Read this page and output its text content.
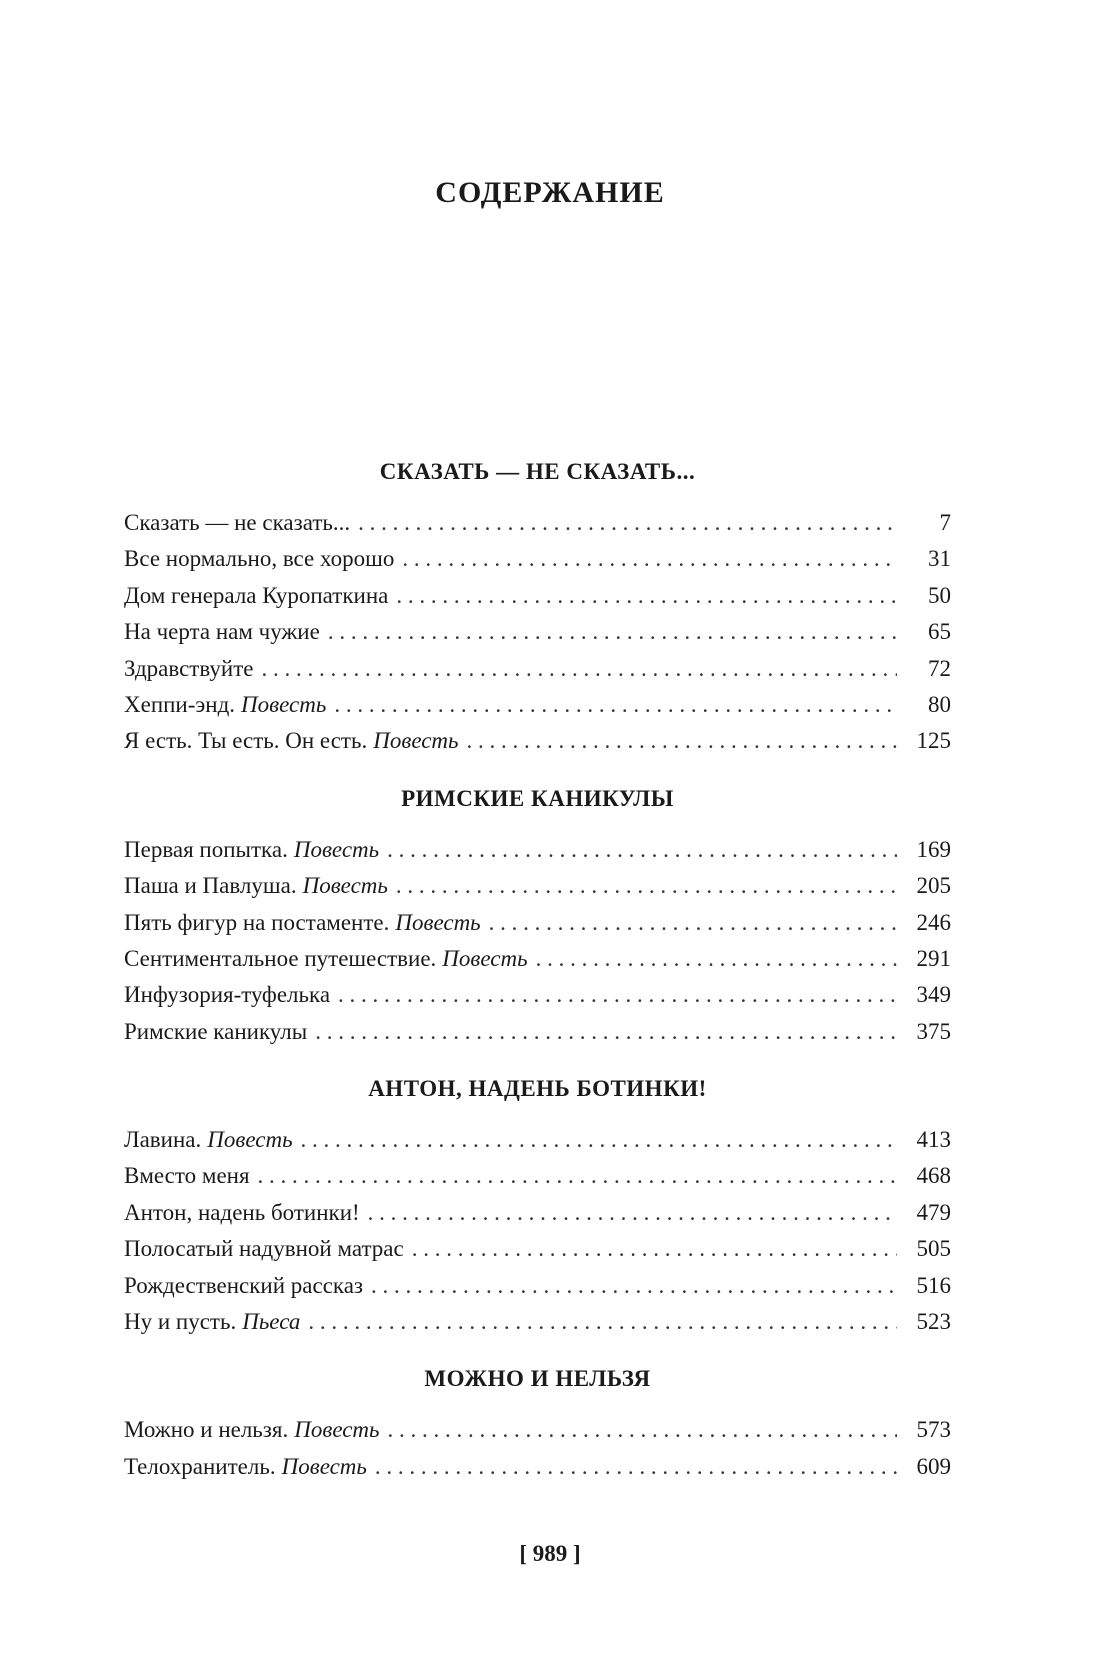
СОДЕРЖАНИЕ
СКАЗАТЬ — НЕ СКАЗАТЬ...
Сказать — не сказать... . . .	7
Все нормально, все хорошо . . .	31
Дом генерала Куропаткина . . .	50
На черта нам чужие . . .	65
Здравствуйте . . .	72
Хеппи-энд. Повесть . . .	80
Я есть. Ты есть. Он есть. Повесть . . .	125
РИМСКИЕ КАНИКУЛЫ
Первая попытка. Повесть . . .	169
Паша и Павлуша. Повесть . . .	205
Пять фигур на постаменте. Повесть . . .	246
Сентиментальное путешествие. Повесть . . .	291
Инфузория-туфелька . . .	349
Римские каникулы . . .	375
АНТОН, НАДЕНЬ БОТИНКИ!
Лавина. Повесть . . .	413
Вместо меня . . .	468
Антон, надень ботинки! . . .	479
Полосатый надувной матрас . . .	505
Рождественский рассказ . . .	516
Ну и пусть. Пьеса . . .	523
МОЖНО И НЕЛЬЗЯ
Можно и нельзя. Повесть . . .	573
Телохранитель. Повесть . . .	609
[ 989 ]
